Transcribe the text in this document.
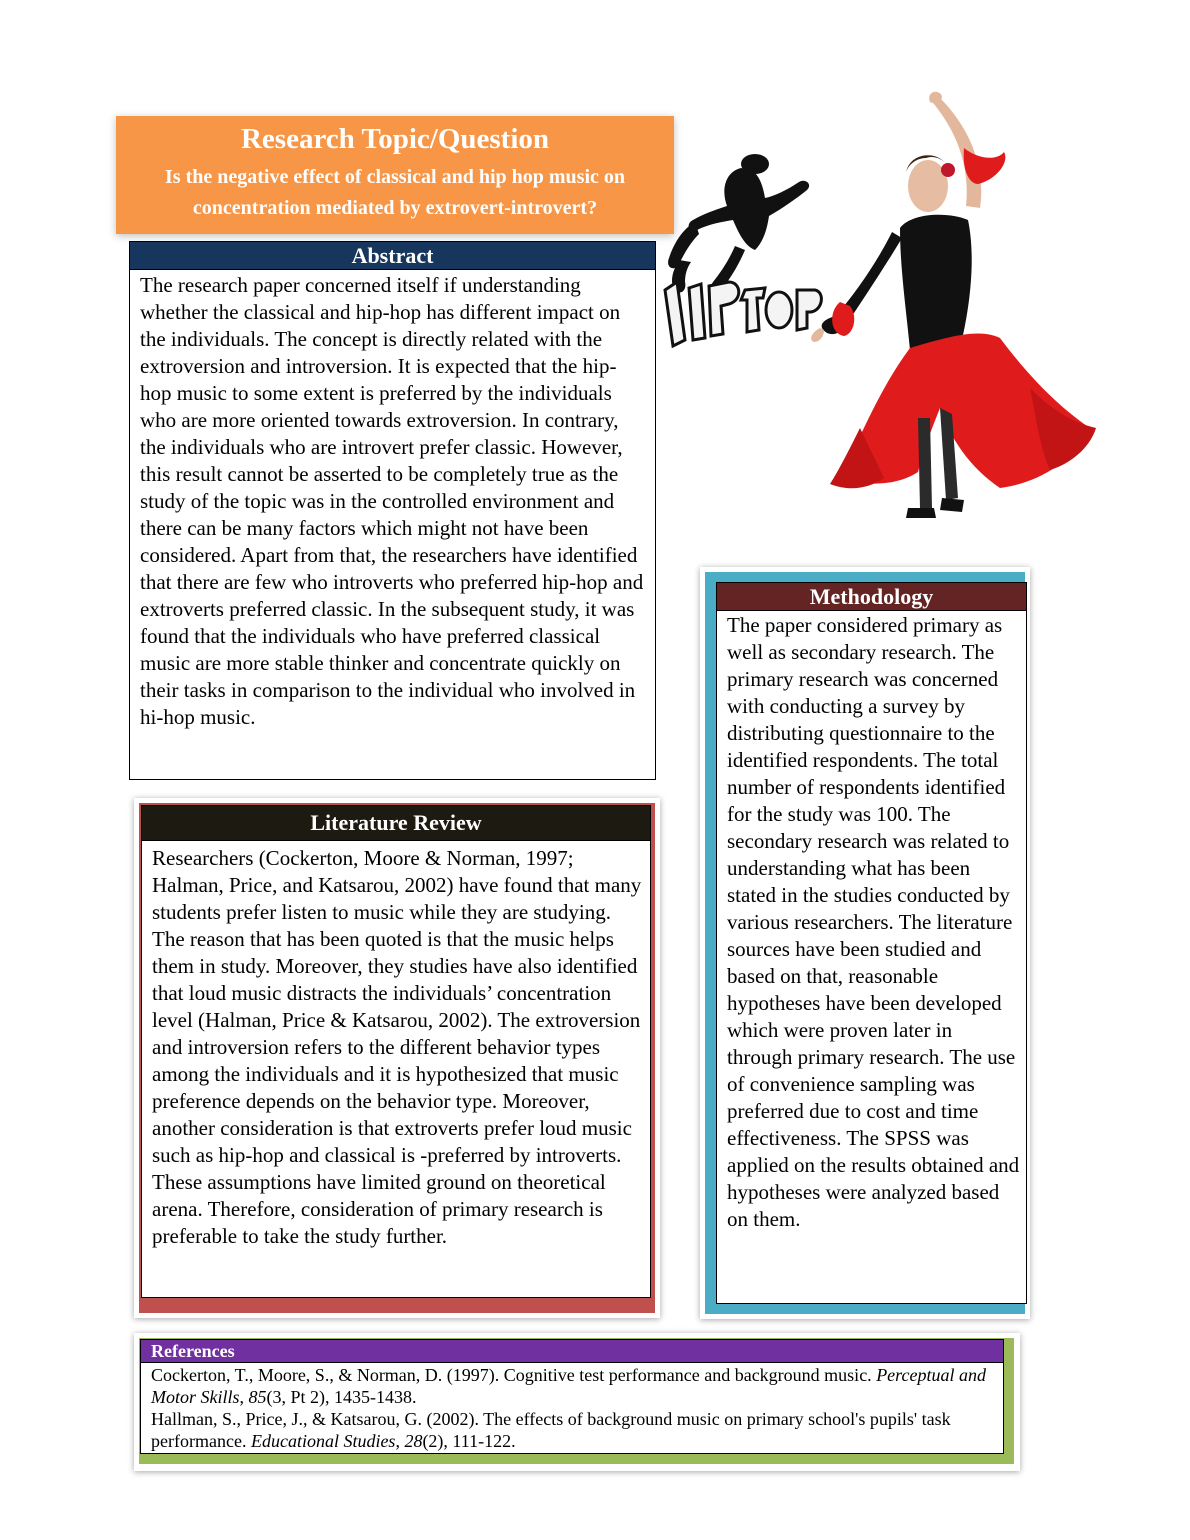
Research Topic/Question
Is the negative effect of classical and hip hop music on concentration mediated by extrovert-introvert?
HIP-HOP
Abstract
The research paper concerned itself if understanding whether the classical and hip-hop has different impact on the individuals. The concept is directly related with the extroversion and introversion. It is expected that the hip-hop music to some extent is preferred by the individuals who are more oriented towards extroversion. In contrary, the individuals who are introvert prefer classic. However, this result cannot be asserted to be completely true as the study of the topic was in the controlled environment and there can be many factors which might not have been considered. Apart from that, the researchers have identified that there are few who introverts who preferred hip-hop and extroverts preferred classic. In the subsequent study, it was found that the individuals who have preferred classical music are more stable thinker and concentrate quickly on their tasks in comparison to the individual who involved in hi-hop music.
Literature Review
Researchers (Cockerton, Moore & Norman, 1997; Halman, Price, and Katsarou, 2002) have found that many students prefer listen to music while they are studying. The reason that has been quoted is that the music helps them in study. Moreover, they studies have also identified that loud music distracts the individuals’ concentration level (Halman, Price & Katsarou, 2002). The extroversion and introversion refers to the different behavior types among the individuals and it is hypothesized that music preference depends on the behavior type. Moreover, another consideration is that extroverts prefer loud music such as hip-hop and classical is -preferred by introverts. These assumptions have limited ground on theoretical arena. Therefore, consideration of primary research is preferable to take the study further.
Methodology
The paper considered primary as well as secondary research. The primary research was concerned with conducting a survey by distributing questionnaire to the identified respondents. The total number of respondents identified for the study was 100. The secondary research was related to understanding what has been stated in the studies conducted by various researchers. The literature sources have been studied and based on that, reasonable hypotheses have been developed which were proven later in through primary research. The use of convenience sampling was preferred due to cost and time effectiveness. The SPSS was applied on the results obtained and hypotheses were analyzed based on them.
References
Cockerton, T., Moore, S., & Norman, D. (1997). Cognitive test performance and background music. Perceptual and Motor Skills, 85(3, Pt 2), 1435-1438.
Hallman, S., Price, J., & Katsarou, G. (2002). The effects of background music on primary school's pupils' task performance. Educational Studies, 28(2), 111-122.
